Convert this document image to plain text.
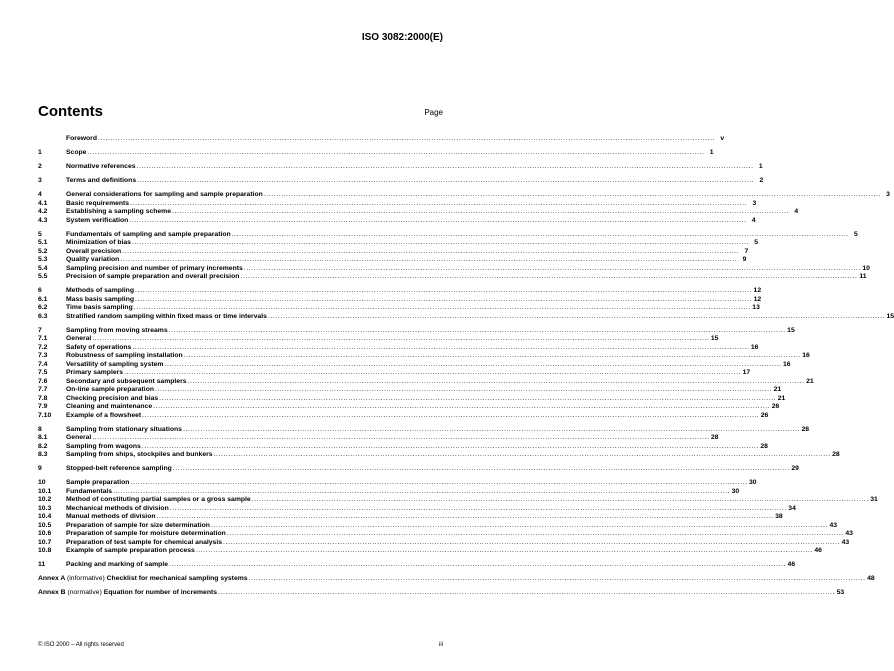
ISO 3082:2000(E)
Contents	Page
Foreword .....	v
1	Scope .....	1
2	Normative references .....	1
3	Terms and definitions .....	2
4	General considerations for sampling and sample preparation .....	3
4.1	Basic requirements .....	3
4.2	Establishing a sampling scheme .....	4
4.3	System verification .....	4
5	Fundamentals of sampling and sample preparation .....	5
5.1	Minimization of bias .....	5
5.2	Overall precision .....	7
5.3	Quality variation .....	9
5.4	Sampling precision and number of primary increments .....	10
5.5	Precision of sample preparation and overall precision .....	11
6	Methods of sampling .....	12
6.1	Mass basis sampling .....	12
6.2	Time basis sampling .....	13
6.3	Stratified random sampling within fixed mass or time intervals .....	15
7	Sampling from moving streams .....	15
7.1	General .....	15
7.2	Safety of operations .....	16
7.3	Robustness of sampling installation .....	16
7.4	Versatility of sampling system .....	16
7.5	Primary samplers .....	17
7.6	Secondary and subsequent samplers .....	21
7.7	On-line sample preparation .....	21
7.8	Checking precision and bias .....	21
7.9	Cleaning and maintenance .....	26
7.10	Example of a flowsheet .....	26
8	Sampling from stationary situations .....	28
8.1	General .....	28
8.2	Sampling from wagons .....	28
8.3	Sampling from ships, stockpiles and bunkers .....	28
9	Stopped-belt reference sampling .....	29
10	Sample preparation .....	30
10.1	Fundamentals .....	30
10.2	Method of constituting partial samples or a gross sample .....	31
10.3	Mechanical methods of division .....	34
10.4	Manual methods of division .....	38
10.5	Preparation of sample for size determination .....	43
10.6	Preparation of sample for moisture determination .....	43
10.7	Preparation of test sample for chemical analysis .....	43
10.8	Example of sample preparation process .....	46
11	Packing and marking of sample .....	46
Annex A (informative) Checklist for mechanical sampling systems .....	48
Annex B (normative) Equation for number of increments .....	53
© ISO 2000 – All rights reserved	iii
